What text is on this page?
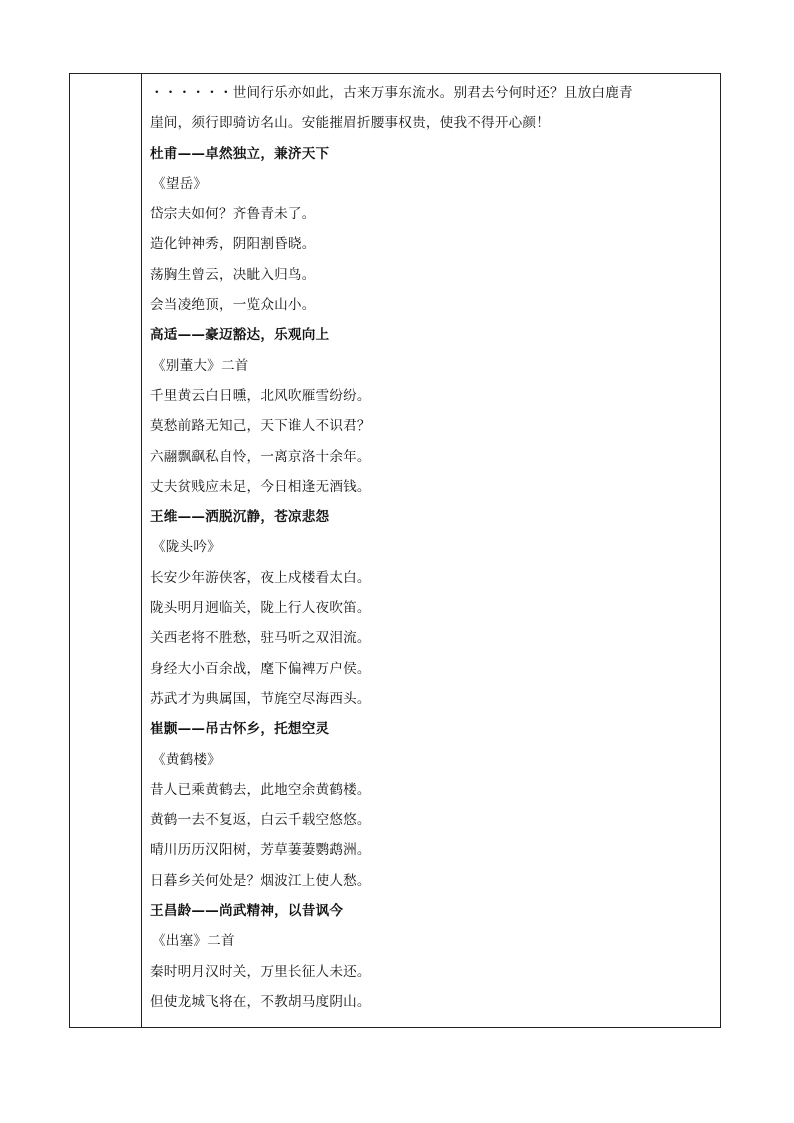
・・・・・・世间行乐亦如此，古来万事东流水。别君去兮何时还？且放白鹿青
崖间，须行即骑访名山。安能摧眉折腰事权贵，使我不得开心颜！
杜甫——卓然独立，兼济天下
《望岳》
岱宗夫如何？齐鲁青未了。
造化钟神秀，阴阳割昏晓。
荡胸生曾云，决眦入归鸟。
会当凌绝顶，一览众山小。
高适——豪迈豁达，乐观向上
《别董大》二首
千里黄云白日曛，北风吹雁雪纷纷。
莫愁前路无知己，天下谁人不识君？
六翮飘飖私自怜，一离京洛十余年。
丈夫贫贱应未足，今日相逢无酒钱。
王维——洒脱沉静，苍凉悲怨
《陇头吟》
长安少年游侠客，夜上戍楼看太白。
陇头明月迥临关，陇上行人夜吹笛。
关西老将不胜愁，驻马听之双泪流。
身经大小百余战，麾下偏裨万户侯。
苏武才为典属国，节旄空尽海西头。
崔颢——吊古怀乡，托想空灵
《黄鹤楼》
昔人已乘黄鹤去，此地空余黄鹤楼。
黄鹤一去不复返，白云千载空悠悠。
晴川历历汉阳树，芳草萋萋鹦鹉洲。
日暮乡关何处是？烟波江上使人愁。
王昌龄——尚武精神，以昔讽今
《出塞》二首
秦时明月汉时关，万里长征人未还。
但使龙城飞将在，不教胡马度阴山。
